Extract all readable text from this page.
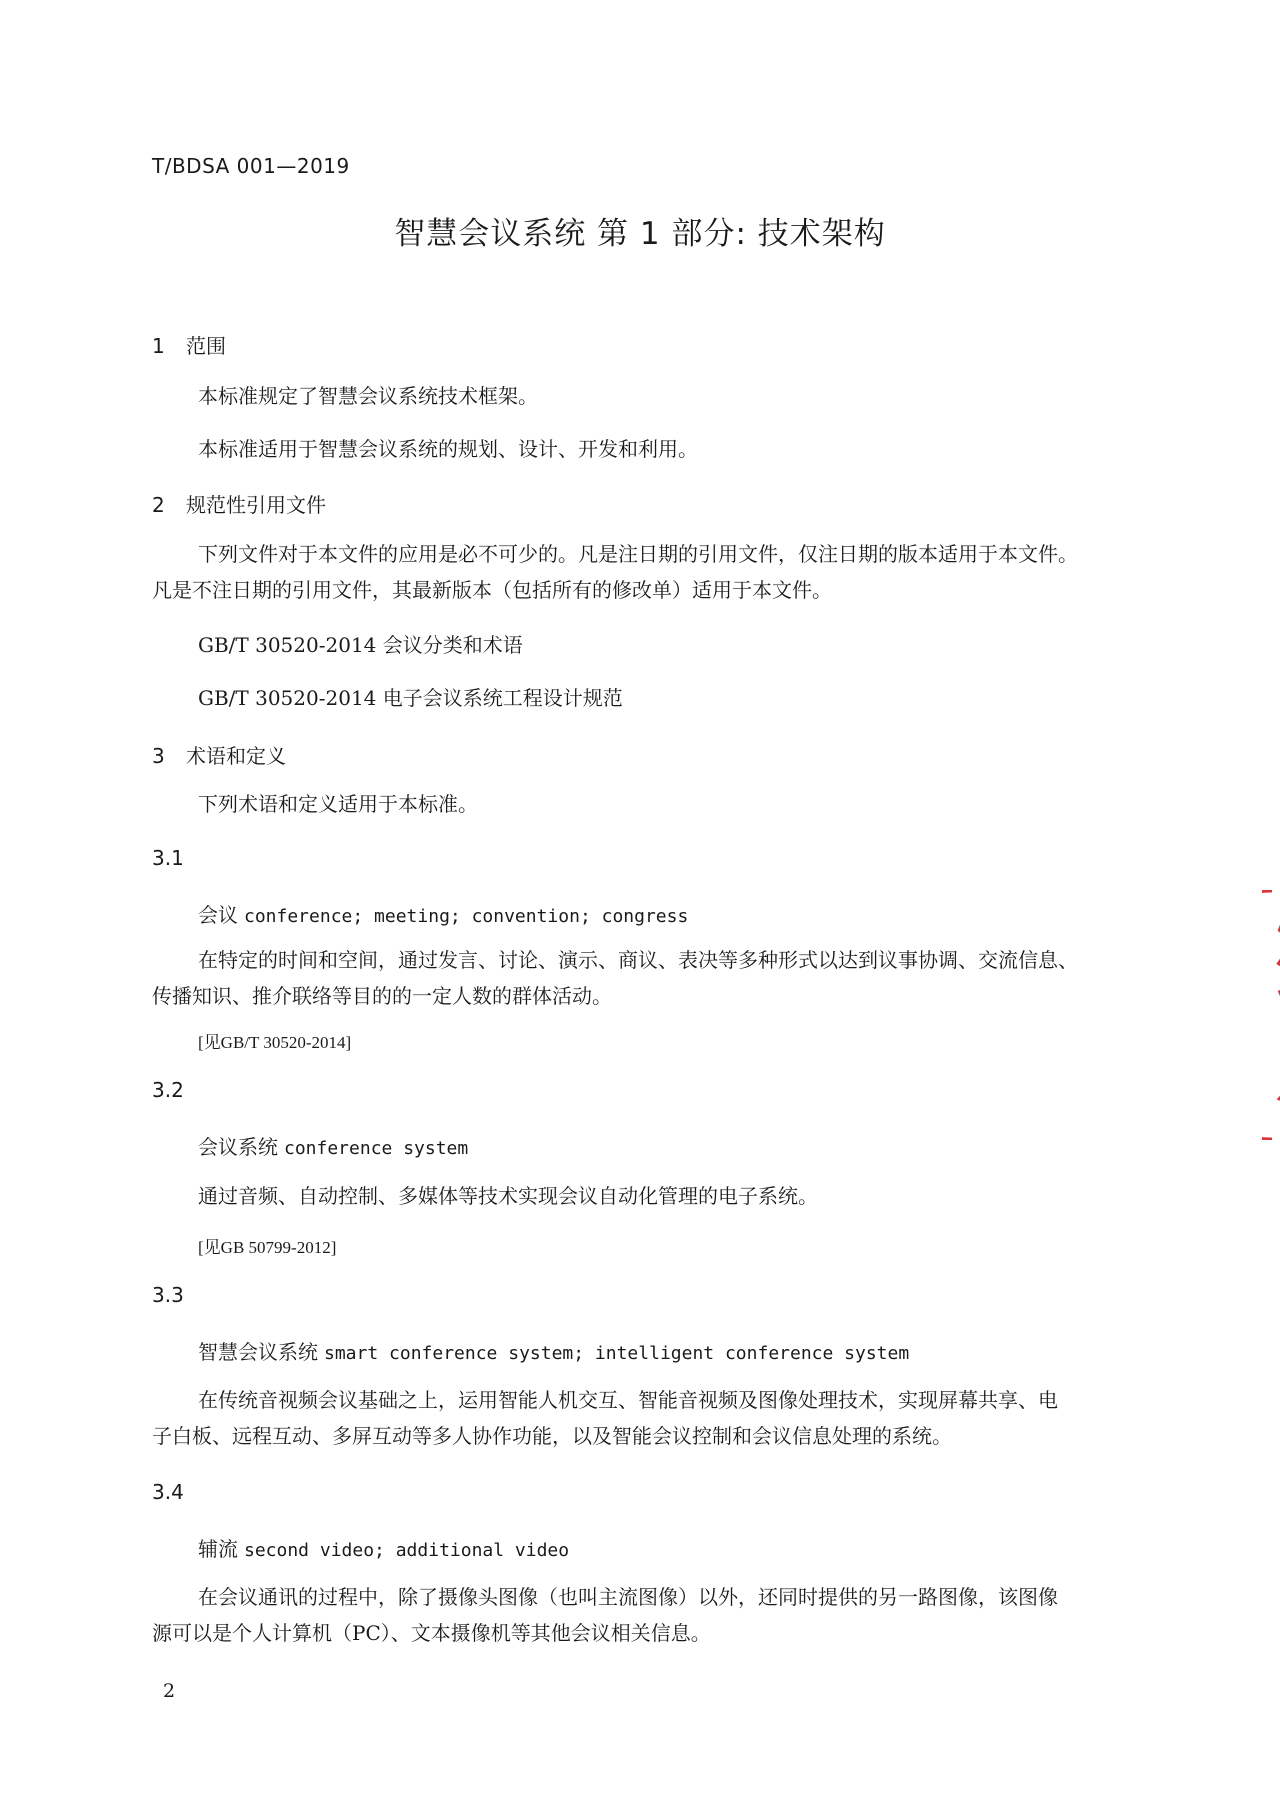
T/BDSA 001—2019
智慧会议系统 第 1 部分: 技术架构
1 范围
本标准规定了智慧会议系统技术框架。
本标准适用于智慧会议系统的规划、设计、开发和利用。
2 规范性引用文件
下列文件对于本文件的应用是必不可少的。凡是注日期的引用文件，仅注日期的版本适用于本文件。
凡是不注日期的引用文件，其最新版本（包括所有的修改单）适用于本文件。
GB/T 30520-2014 会议分类和术语
GB/T 30520-2014 电子会议系统工程设计规范
3 术语和定义
下列术语和定义适用于本标准。
3.1
会议 conference; meeting; convention; congress
在特定的时间和空间，通过发言、讨论、演示、商议、表决等多种形式以达到议事协调、交流信息、
传播知识、推介联络等目的的一定人数的群体活动。
[见GB/T 30520-2014]
3.2
会议系统 conference system
通过音频、自动控制、多媒体等技术实现会议自动化管理的电子系统。
[见GB 50799-2012]
3.3
智慧会议系统 smart conference system; intelligent conference system
在传统音视频会议基础之上，运用智能人机交互、智能音视频及图像处理技术，实现屏幕共享、电
子白板、远程互动、多屏互动等多人协作功能，以及智能会议控制和会议信息处理的系统。
3.4
辅流 second video; additional video
在会议通讯的过程中，除了摄像头图像（也叫主流图像）以外，还同时提供的另一路图像，该图像
源可以是个人计算机（PC）、文本摄像机等其他会议相关信息。
2
